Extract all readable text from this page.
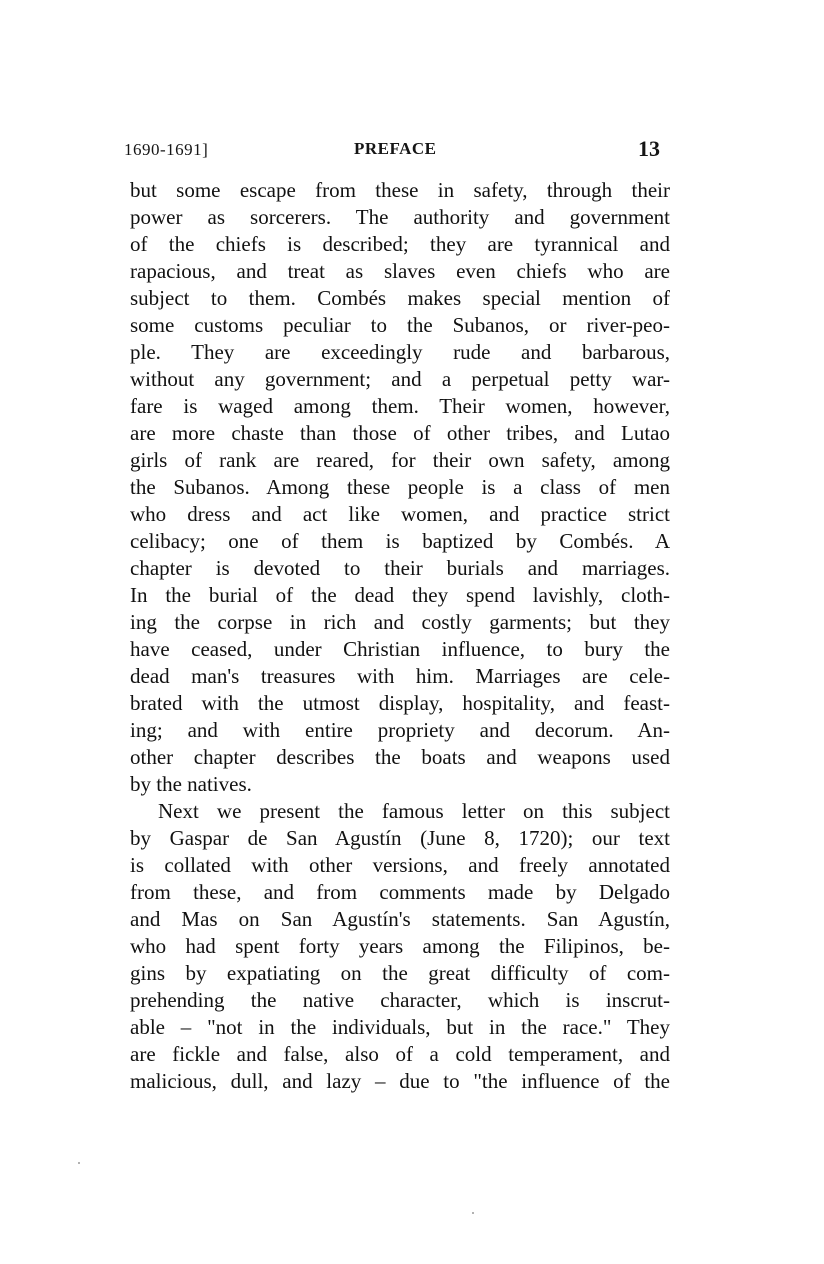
1690-1691]	PREFACE	13
but some escape from these in safety, through their
power as sorcerers. The authority and government
of the chiefs is described; they are tyrannical and
rapacious, and treat as slaves even chiefs who are
subject to them. Combés makes special mention of
some customs peculiar to the Subanos, or river-peo-
ple. They are exceedingly rude and barbarous,
without any government; and a perpetual petty war-
fare is waged among them. Their women, however,
are more chaste than those of other tribes, and Lutao
girls of rank are reared, for their own safety, among
the Subanos. Among these people is a class of men
who dress and act like women, and practice strict
celibacy; one of them is baptized by Combés. A
chapter is devoted to their burials and marriages.
In the burial of the dead they spend lavishly, cloth-
ing the corpse in rich and costly garments; but they
have ceased, under Christian influence, to bury the
dead man's treasures with him. Marriages are cele-
brated with the utmost display, hospitality, and feast-
ing; and with entire propriety and decorum. An-
other chapter describes the boats and weapons used
by the natives.
Next we present the famous letter on this subject
by Gaspar de San Agustín (June 8, 1720); our text
is collated with other versions, and freely annotated
from these, and from comments made by Delgado
and Mas on San Agustín's statements. San Agustín,
who had spent forty years among the Filipinos, be-
gins by expatiating on the great difficulty of com-
prehending the native character, which is inscrut-
able – "not in the individuals, but in the race." They
are fickle and false, also of a cold temperament, and
malicious, dull, and lazy – due to "the influence of the
